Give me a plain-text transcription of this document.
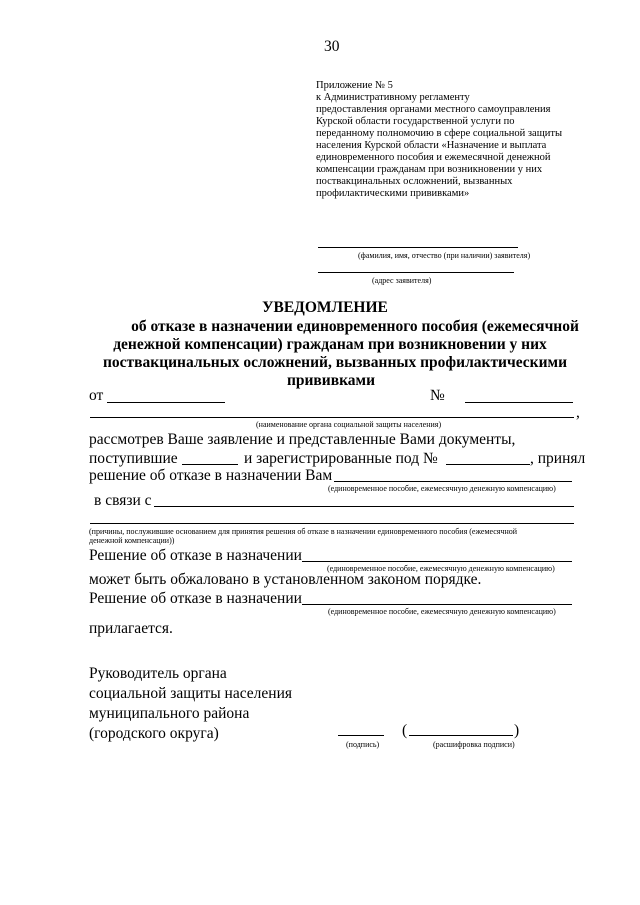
30
Приложение № 5
к Административному регламенту
предоставления органами местного самоуправления
Курской области государственной услуги по
переданному полномочию в сфере социальной защиты
населения Курской области «Назначение и выплата
единовременного пособия и ежемесячной денежной
компенсации гражданам при возникновении у них
поствакцинальных осложнений, вызванных
профилактическими прививками»
(фамилия, имя, отчество (при наличии) заявителя)
(адрес заявителя)
УВЕДОМЛЕНИЕ
об отказе в назначении единовременного пособия (ежемесячной
денежной компенсации) гражданам при возникновении у них
поствакцинальных осложнений, вызванных профилактическими
прививками
от	№
,
(наименование органа социальной защиты населения)
рассмотрев Ваше заявление и представленные Вами документы,
поступившие	и зарегистрированные под №	, принял
решение об отказе в назначении Вам
(единовременное пособие, ежемесячную денежную компенсацию)
в связи с
(причины, послужившие основанием для принятия решения об отказе в назначении единовременного пособия (ежемесячной
денежной компенсации))
Решение об отказе в назначении
(единовременное пособие, ежемесячную денежную компенсацию)
может быть обжаловано в установленном законом порядке.
Решение об отказе в назначении
(единовременное пособие, ежемесячную денежную компенсацию)
прилагается.
Руководитель органа
социальной защиты населения
муниципального района
(городского округа)
(подпись)
(	)
(расшифровка подписи)
